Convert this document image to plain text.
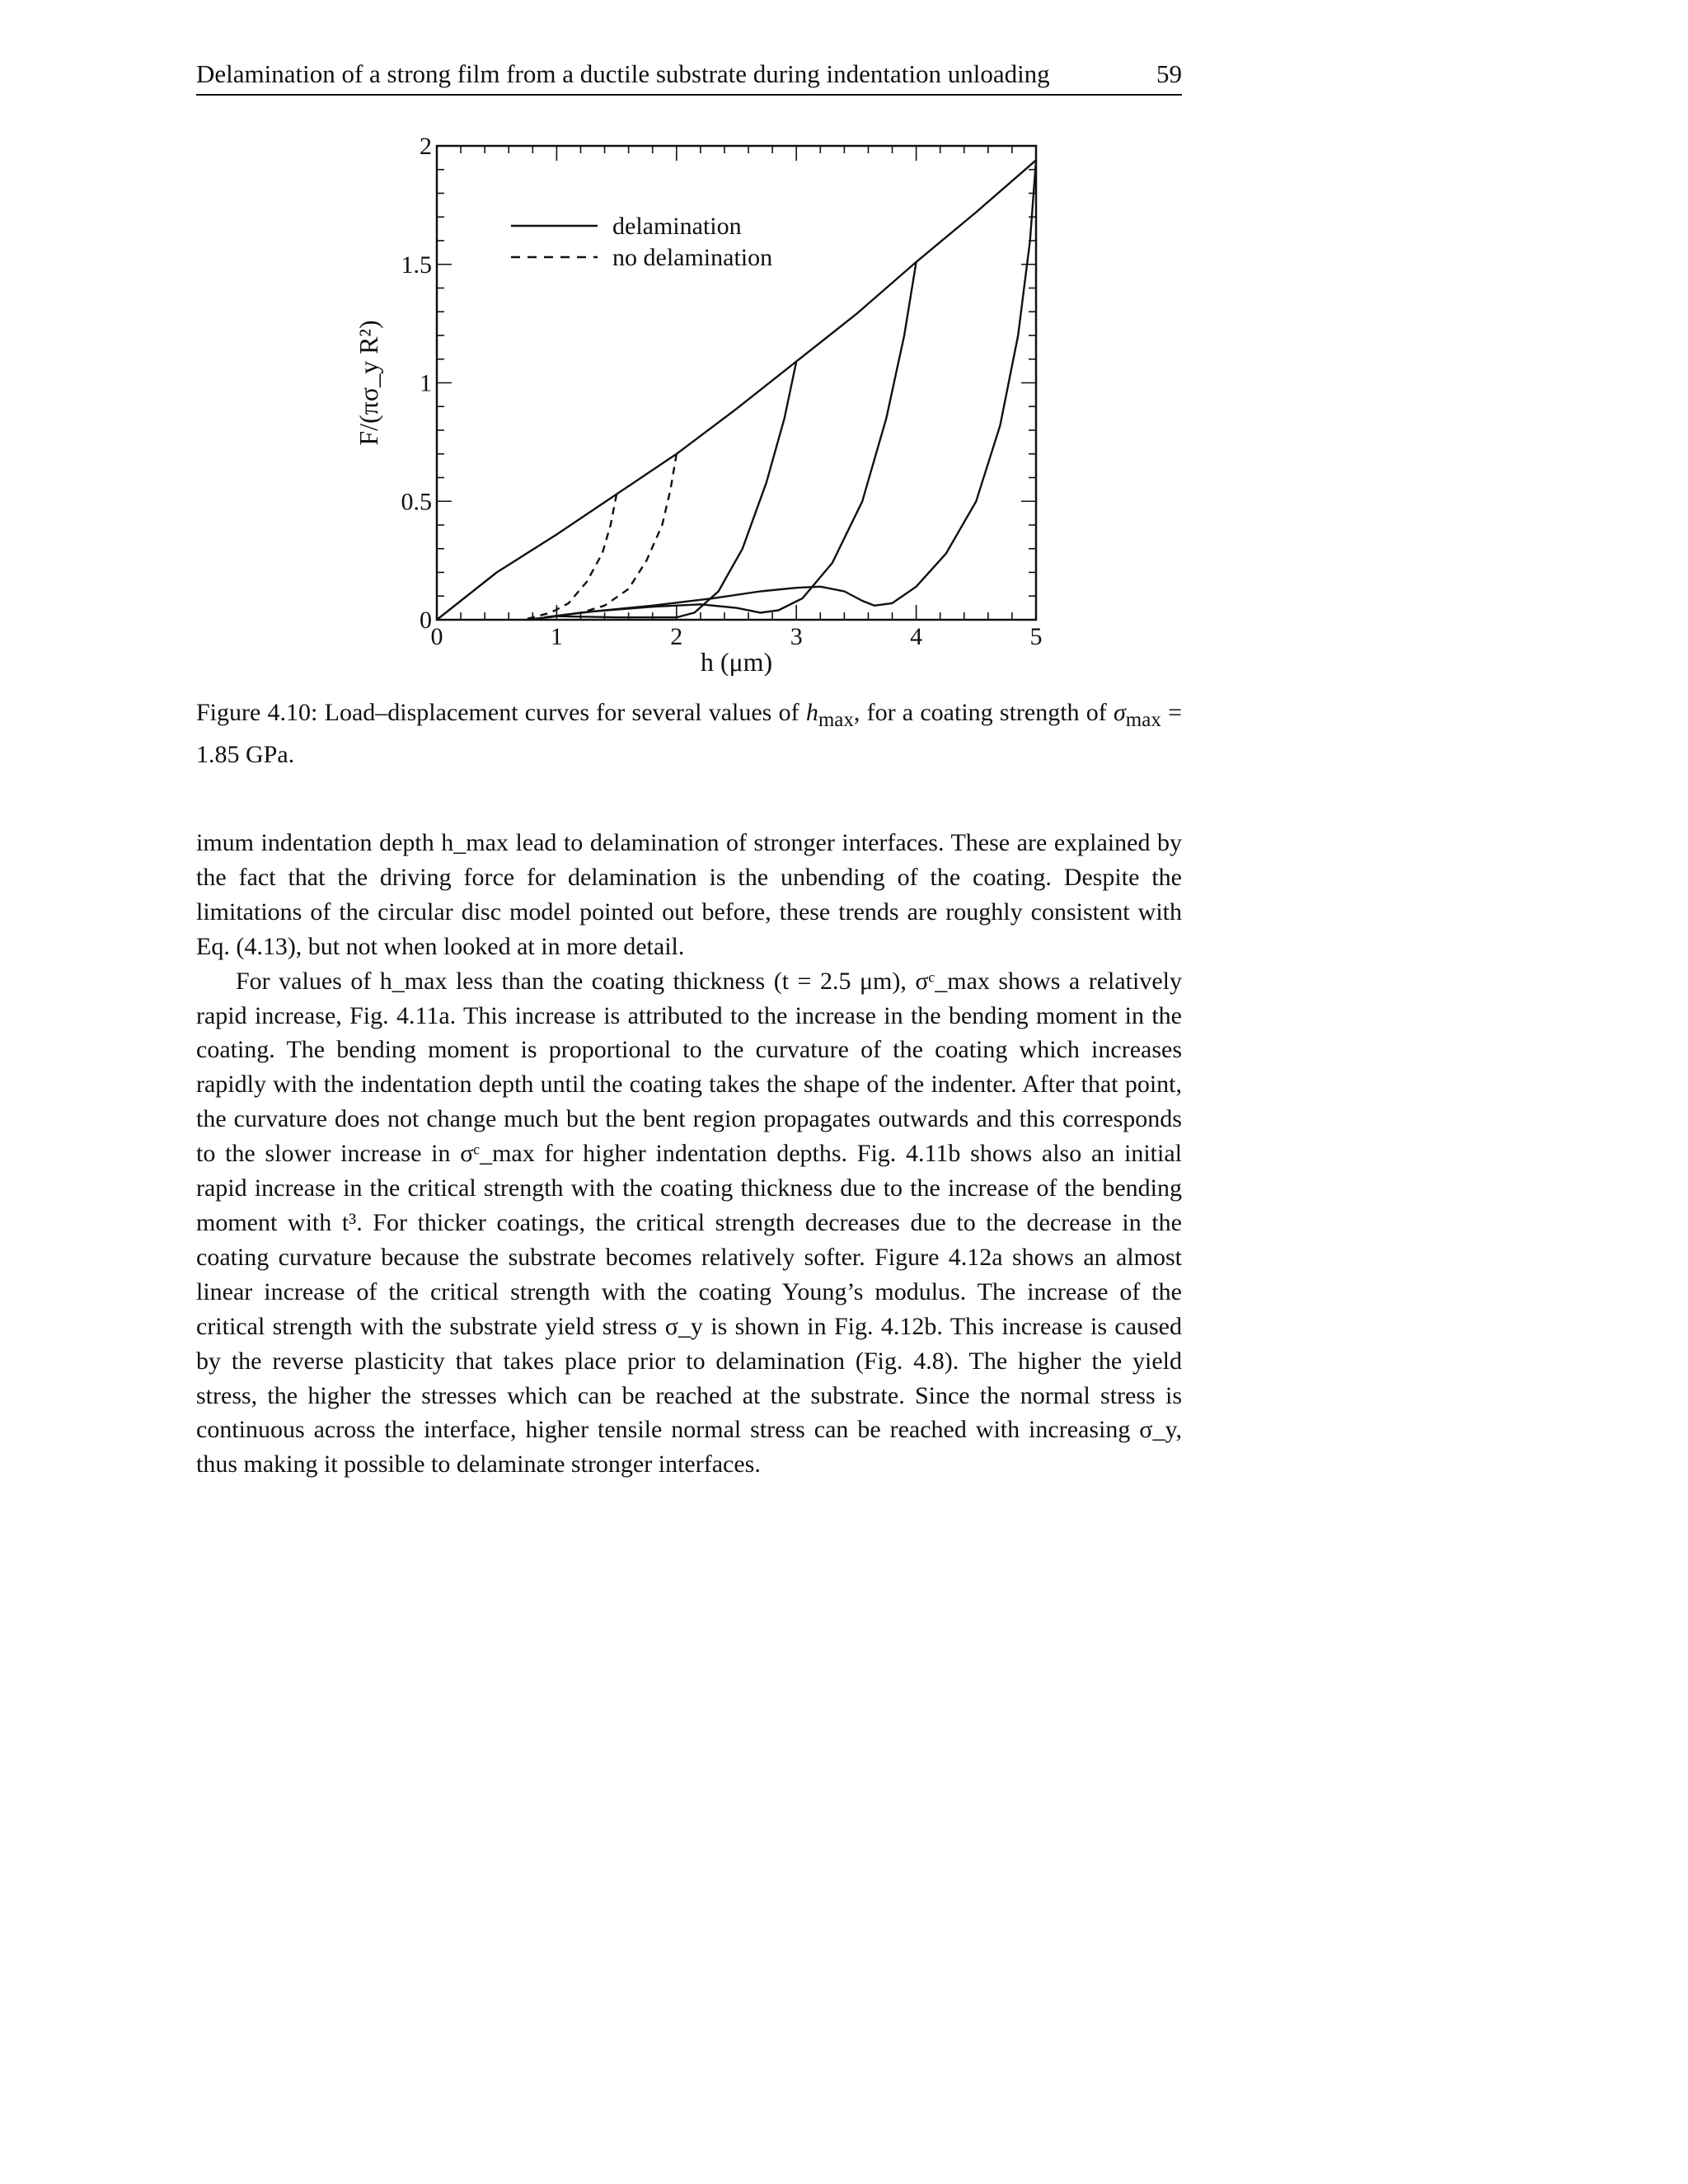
Delamination of a strong film from a ductile substrate during indentation unloading	59
0	1	2	3	4	5
0
0.5
1
1.5
2
h (μm)
F/(πσ_y R²)
delamination
no delamination
Figure 4.10: Load–displacement curves for several values of $h_{max}$, for a coating strength of $\sigma_{max} = 1.85$ GPa.

imum indentation depth h_max lead to delamination of stronger interfaces. These are explained by the fact that the driving force for delamination is the unbending of the coating. Despite the limitations of the circular disc model pointed out before, these trends are roughly consistent with Eq. (4.13), but not when looked at in more detail.

For values of h_max less than the coating thickness (t = 2.5 μm), σᶜ_max shows a relatively rapid increase, Fig. 4.11a. This increase is attributed to the increase in the bending moment in the coating. The bending moment is proportional to the curvature of the coating which increases rapidly with the indentation depth until the coating takes the shape of the indenter. After that point, the curvature does not change much but the bent region propagates outwards and this corresponds to the slower increase in σᶜ_max for higher indentation depths. Fig. 4.11b shows also an initial rapid increase in the critical strength with the coating thickness due to the increase of the bending moment with t³. For thicker coatings, the critical strength decreases due to the decrease in the coating curvature because the substrate becomes relatively softer. Figure 4.12a shows an almost linear increase of the critical strength with the coating Young’s modulus. The increase of the critical strength with the substrate yield stress σ_y is shown in Fig. 4.12b. This increase is caused by the reverse plasticity that takes place prior to delamination (Fig. 4.8). The higher the yield stress, the higher the stresses which can be reached at the substrate. Since the normal stress is continuous across the interface, higher tensile normal stress can be reached with increasing σ_y, thus making it possible to delaminate stronger interfaces.
